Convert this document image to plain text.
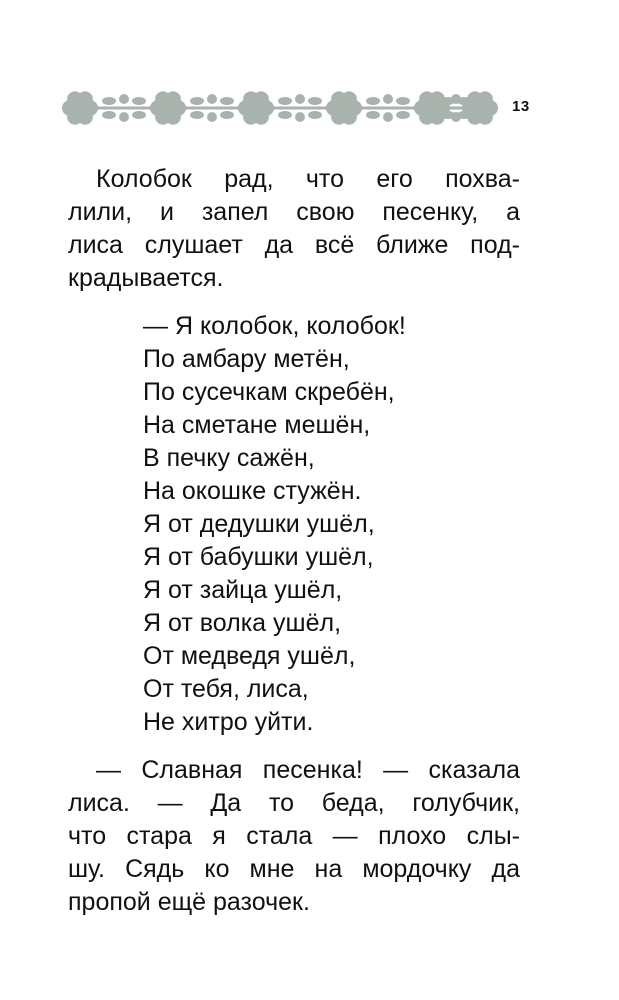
13

Колобок рад, что его похва-
лили, и запел свою песенку, а
лиса слушает да всё ближе под-
крадывается.

— Я колобок, колобок!
По амбару метён,
По сусечкам скребён,
На сметане мешён,
В печку сажён,
На окошке стужён.
Я от дедушки ушёл,
Я от бабушки ушёл,
Я от зайца ушёл,
Я от волка ушёл,
От медведя ушёл,
От тебя, лиса,
Не хитро уйти.

— Славная песенка! — сказала
лиса. — Да то беда, голубчик,
что стара я стала — плохо слы-
шу. Сядь ко мне на мордочку да
пропой ещё разочек.
